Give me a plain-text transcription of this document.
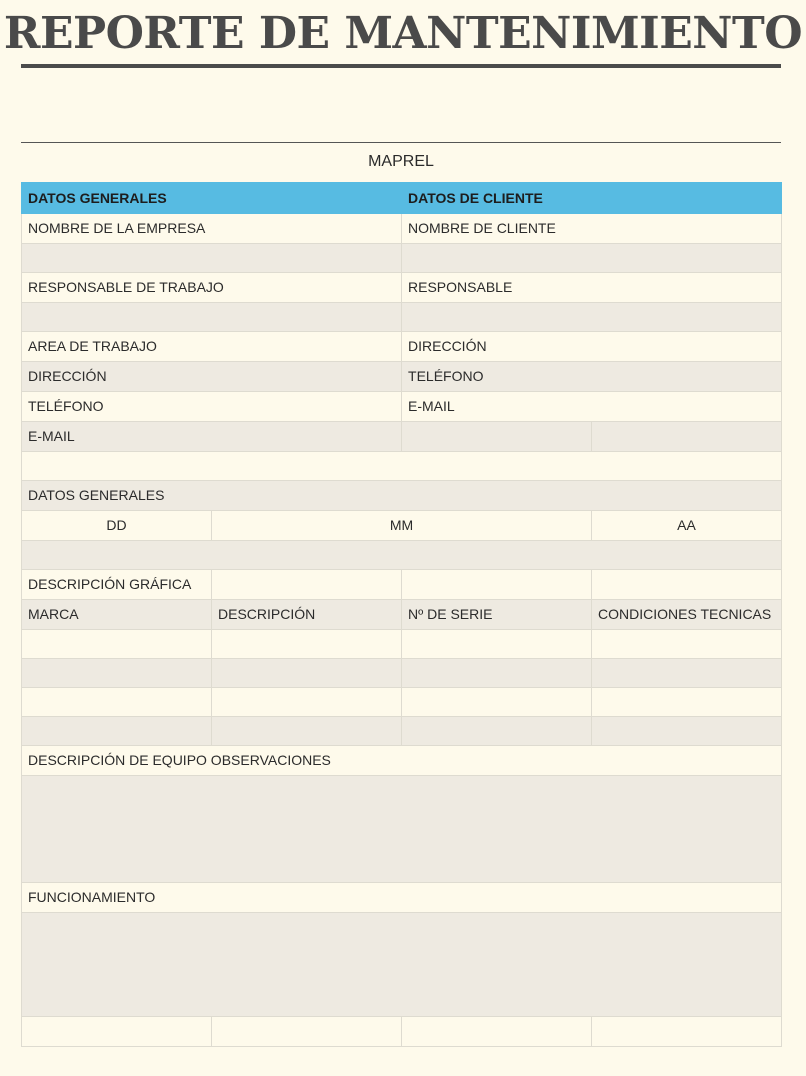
REPORTE DE MANTENIMIENTO
MAPREL
DATOS GENERALES		DATOS DE CLIENTE	
NOMBRE DE LA EMPRESA		NOMBRE DE CLIENTE	

RESPONSABLE DE TRABAJO		RESPONSABLE	

AREA DE TRABAJO		DIRECCIÓN	
DIRECCIÓN		TELÉFONO	
TELÉFONO		E-MAIL	
E-MAIL			

DATOS GENERALES			
DD	MM		AA

DESCRIPCIÓN GRÁFICA			
MARCA	DESCRIPCIÓN	Nº DE SERIE	CONDICIONES TECNICAS

DESCRIPCIÓN DE EQUIPO OBSERVACIONES			

FUNCIONAMIENTO			
